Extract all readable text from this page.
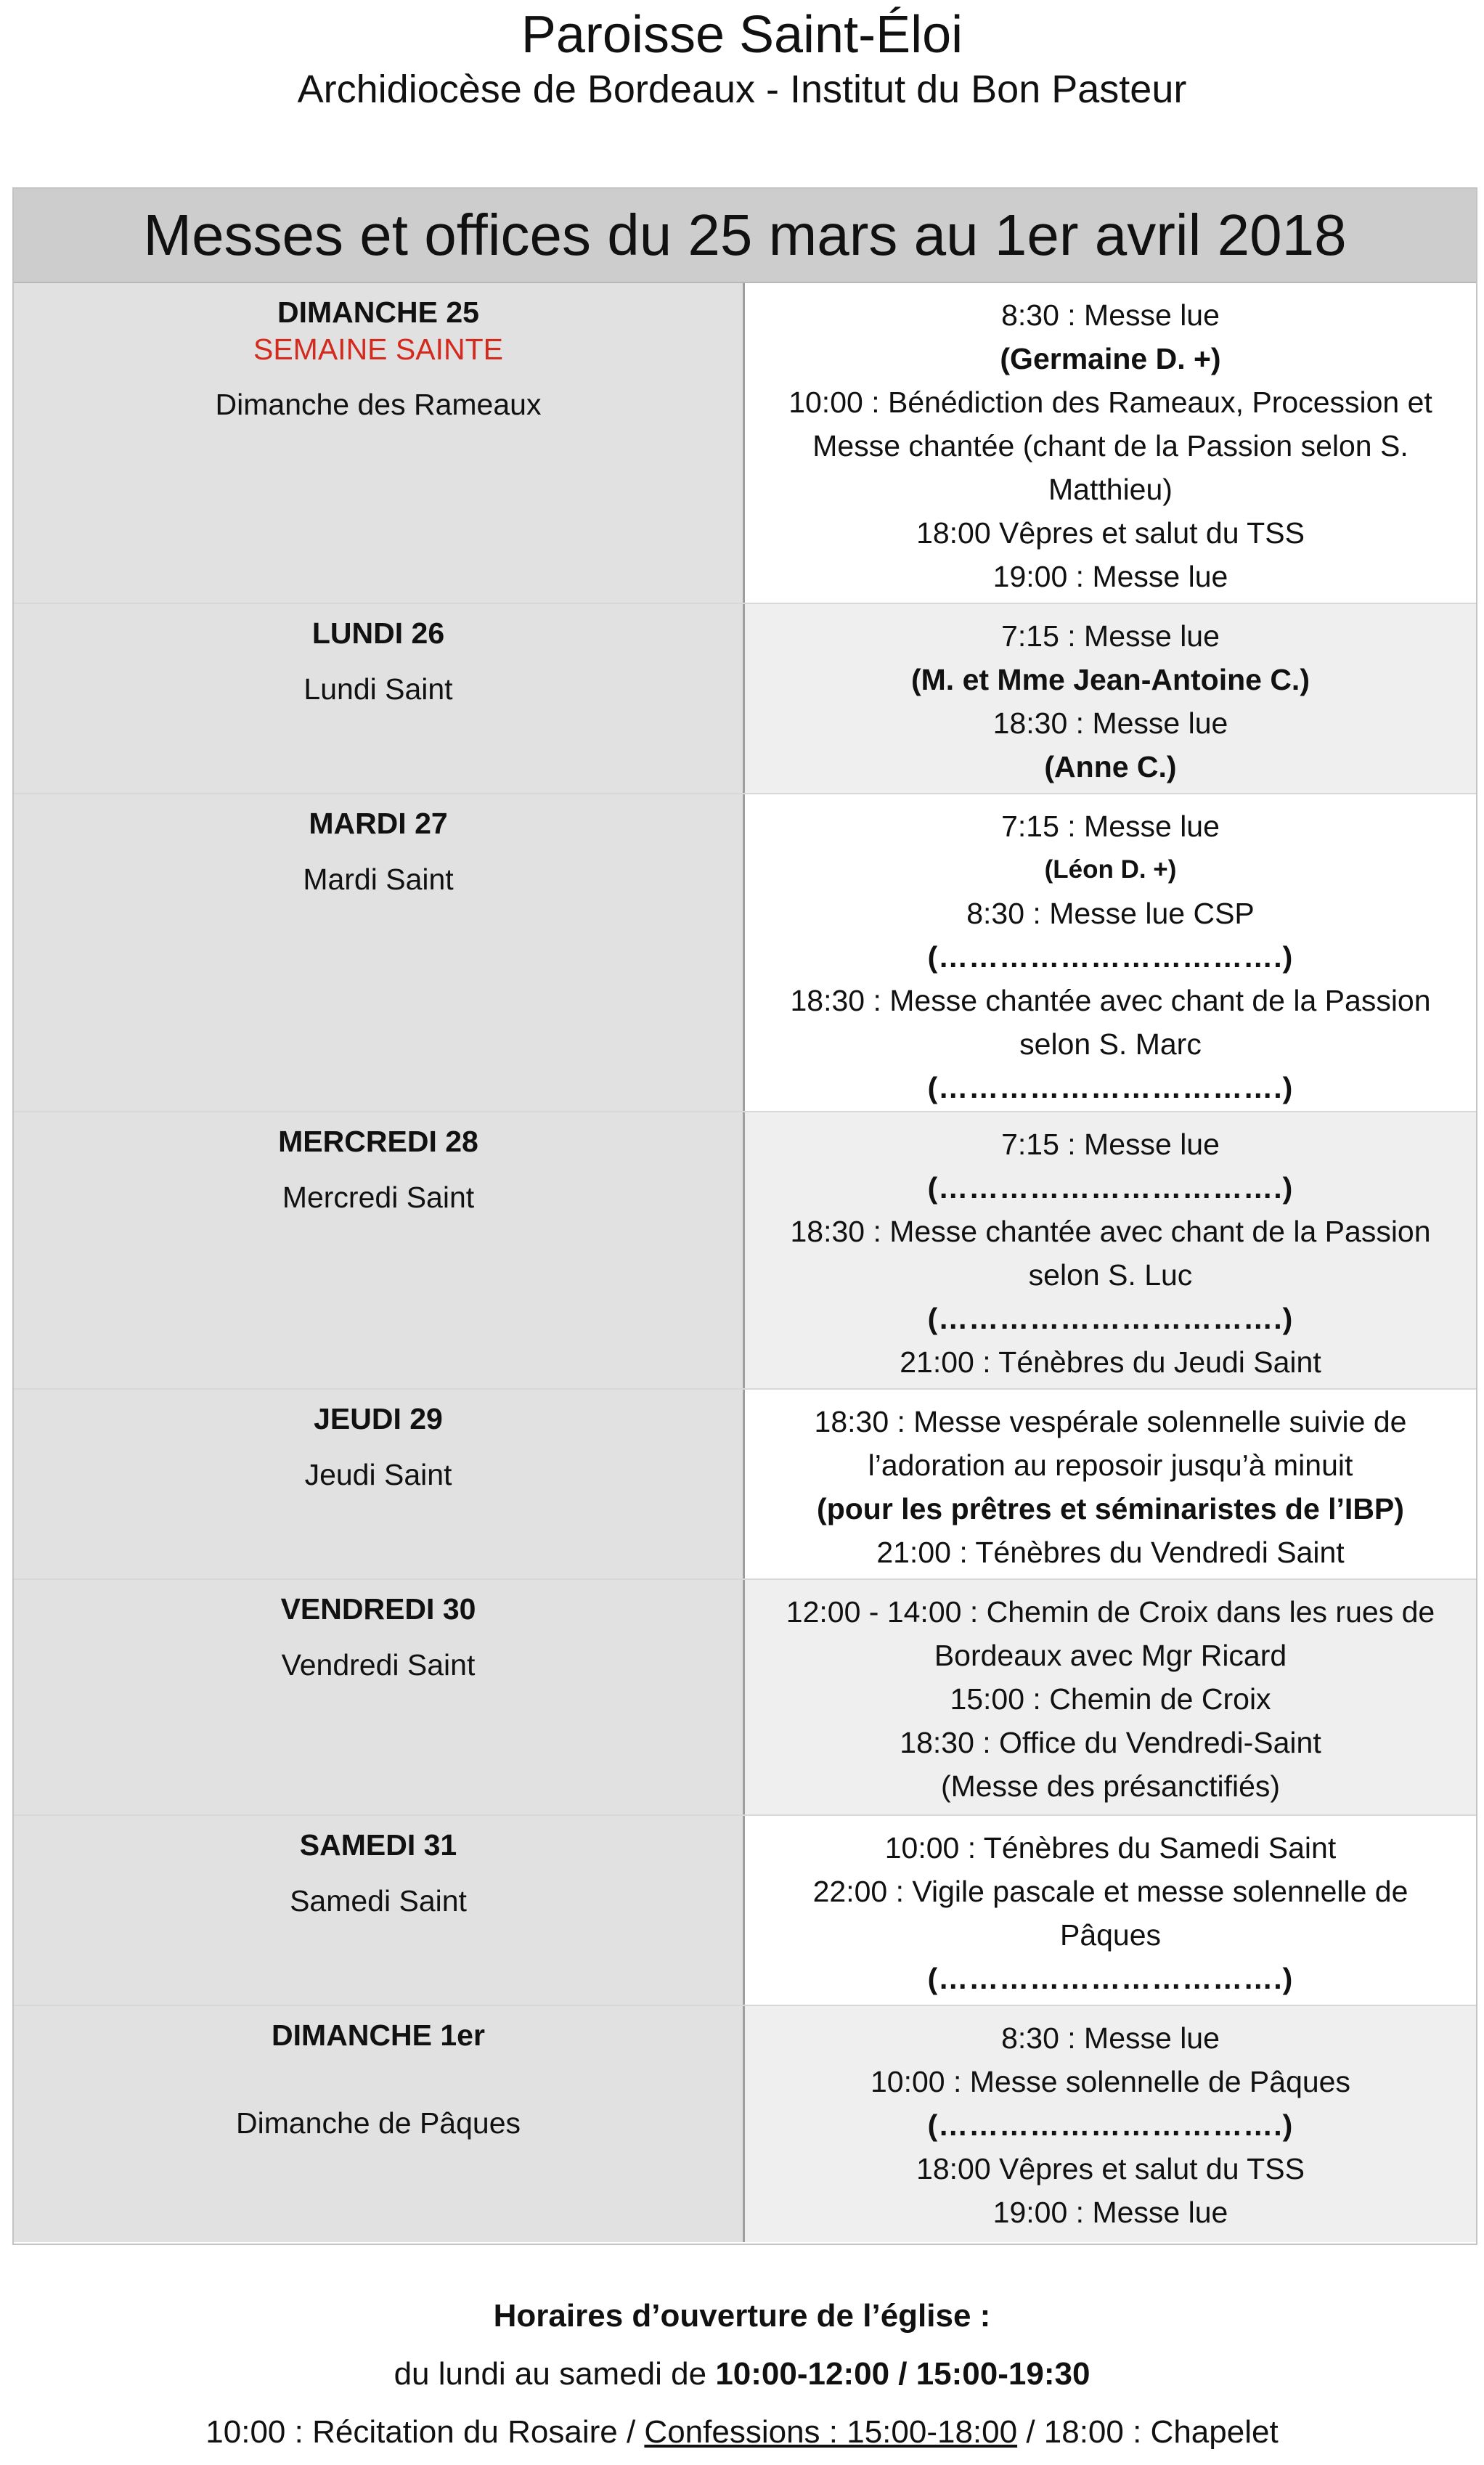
Paroisse Saint-Éloi
Archidiocèse de Bordeaux - Institut du Bon Pasteur
Messes et offices du 25 mars au 1er avril 2018
DIMANCHE 25
SEMAINE SAINTE
Dimanche des Rameaux
8:30 : Messe lue
(Germaine D. +)
10:00 : Bénédiction des Rameaux, Procession et Messe chantée (chant de la Passion selon S. Matthieu)
18:00 Vêpres et salut du TSS
19:00 : Messe lue
LUNDI 26
Lundi Saint
7:15 : Messe lue
(M. et Mme Jean-Antoine C.)
18:30 : Messe lue
(Anne C.)
MARDI 27
Mardi Saint
7:15 : Messe lue
(Léon D. +)
8:30 : Messe lue CSP
(…………………………….)
18:30 : Messe chantée avec chant de la Passion selon S. Marc
(…………………………….)
MERCREDI 28
Mercredi Saint
7:15 : Messe lue
(…………………………….)
18:30 : Messe chantée avec chant de la Passion selon S. Luc
(…………………………….)
21:00 : Ténèbres du Jeudi Saint
JEUDI 29
Jeudi Saint
18:30 : Messe vespérale solennelle suivie de l’adoration au reposoir jusqu’à minuit
(pour les prêtres et séminaristes de l’IBP)
21:00 : Ténèbres du Vendredi Saint
VENDREDI 30
Vendredi Saint
12:00 - 14:00 : Chemin de Croix dans les rues de Bordeaux avec Mgr Ricard
15:00 : Chemin de Croix
18:30 : Office du Vendredi-Saint
(Messe des présanctifiés)
SAMEDI 31
Samedi Saint
10:00 : Ténèbres du Samedi Saint
22:00 : Vigile pascale et messe solennelle de Pâques
(…………………………….)
DIMANCHE 1er
Dimanche de Pâques
8:30 : Messe lue
10:00 : Messe solennelle de Pâques
(…………………………….)
18:00 Vêpres et salut du TSS
19:00 : Messe lue
Horaires d’ouverture de l’église :
du lundi au samedi de 10:00-12:00 / 15:00-19:30
10:00 : Récitation du Rosaire / Confessions : 15:00-18:00 / 18:00 : Chapelet
